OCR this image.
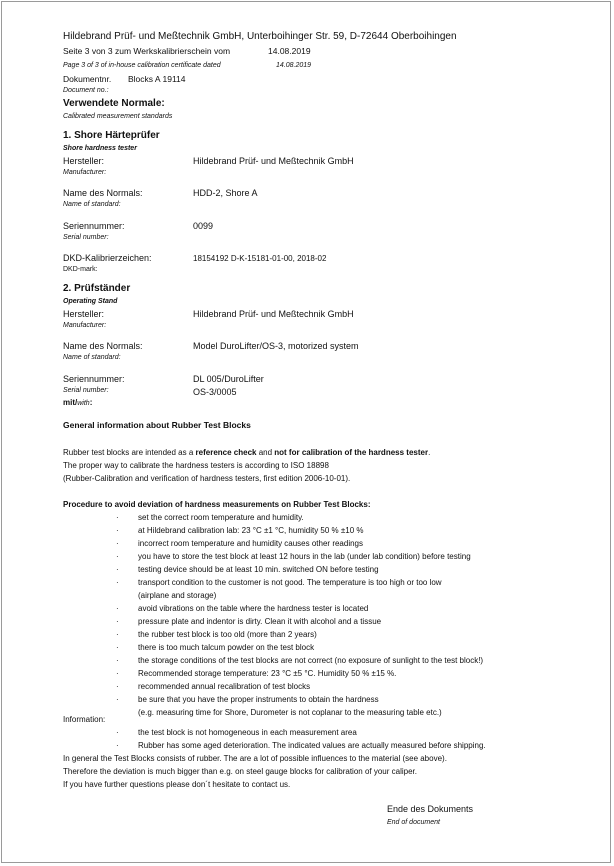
Hildebrand Prüf- und Meßtechnik GmbH, Unterboihinger Str. 59, D-72644 Oberboihingen
Seite 3 von 3 zum Werkskalibrierschein vom	14.08.2019
Page 3 of 3 of in-house calibration certificate dated	14.08.2019
Dokumentnr. Blocks A 19114
Document no.:
Verwendete Normale:
Calibrated measurement standards
1. Shore Härteprüfer
Shore hardness tester
Hersteller:
Manufacturer:
Hildebrand Prüf- und Meßtechnik GmbH
Name des Normals:
Name of standard:
HDD-2, Shore A
Seriennummer:
Serial number:
0099
DKD-Kalibrierzeichen:
DKD-mark:
18154192 D-K-15181-01-00, 2018-02
2. Prüfständer
Operating Stand
Hersteller:
Manufacturer:
Hildebrand Prüf- und Meßtechnik GmbH
Name des Normals:
Name of standard:
Model DuroLifter/OS-3, motorized system
Seriennummer:
Serial number:
DL 005/DuroLifter
OS-3/0005
mit/with:
General information about Rubber Test Blocks
Rubber test blocks are intended as a reference check and not for calibration of the hardness tester.
The proper way to calibrate the hardness testers is according to ISO 18898
(Rubber-Calibration and verification of hardness testers, first edition 2006-10-01).
Procedure to avoid deviation of hardness measurements on Rubber Test Blocks:
· set the correct room temperature and humidity.
· at Hildebrand calibration lab: 23 °C ±1 °C, humidity 50 % ±10 %
· incorrect room temperature and humidity causes other readings
· you have to store the test block at least 12 hours in the lab (under lab condition) before testing
· testing device should be at least 10 min. switched ON before testing
· transport condition to the customer is not good. The temperature is too high or too low
(airplane and storage)
· avoid vibrations on the table where the hardness tester is located
· pressure plate and indentor is dirty. Clean it with alcohol and a tissue
· the rubber test block is too old (more than 2 years)
· there is too much talcum powder on the test block
· the storage conditions of the test blocks are not correct (no exposure of sunlight to the test block!)
· Recommended storage temperature: 23 °C ±5 °C. Humidity 50 % ±15 %.
· recommended annual recalibration of test blocks
· be sure that you have the proper instruments to obtain the hardness
(e.g. measuring time for Shore, Durometer is not coplanar to the measuring table etc.)
Information:
· the test block is not homogeneous in each measurement area
· Rubber has some aged deterioration. The indicated values are actually measured before shipping.
In general the Test Blocks consists of rubber. The are a lot of possible influences to the material (see above).
Therefore the deviation is much bigger than e.g. on steel gauge blocks for calibration of your caliper.
If you have further questions please don´t hesitate to contact us.
Ende des Dokuments
End of document
